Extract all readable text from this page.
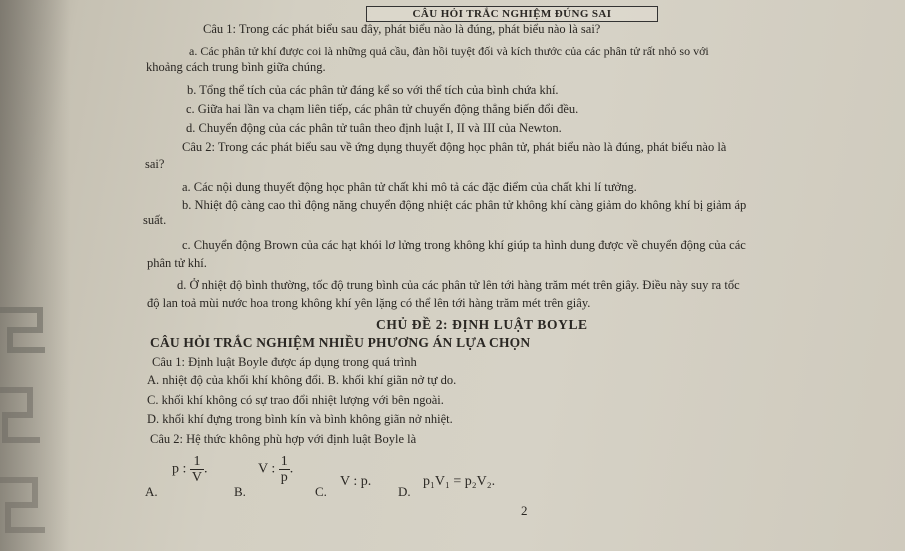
CÂU HỎI TRẮC NGHIỆM ĐÚNG SAI
Câu 1: Trong các phát biểu sau đây, phát biểu nào là đúng, phát biểu nào là sai?
a. Các phân tử khí được coi là những quả cầu, đàn hồi tuyệt đối và kích thước của các phân tử rất nhỏ so với
khoảng cách trung bình giữa chúng.
b. Tổng thể tích của các phân tử đáng kể so với thể tích của bình chứa khí.
c. Giữa hai lần va chạm liên tiếp, các phân tử chuyển động thẳng biến đổi đều.
d. Chuyển động của các phân tử tuân theo định luật I, II và III của Newton.
Câu 2: Trong các phát biểu sau về ứng dụng thuyết động học phân tử, phát biểu nào là đúng, phát biểu nào là
sai?
a. Các nội dung thuyết động học phân tử chất khi mô tả các đặc điểm của chất khi lí tưởng.
b. Nhiệt độ càng cao thì động năng chuyển động nhiệt các phân tử không khí càng giảm do không khí bị giảm áp
suất.
c. Chuyển động Brown của các hạt khói lơ lửng trong không khí giúp ta hình dung được về chuyển động của các
phân tử khí.
d. Ở nhiệt độ bình thường, tốc độ trung bình của các phân tử lên tới hàng trăm mét trên giây. Điều này suy ra tốc
độ lan toả mùi nước hoa trong không khí yên lặng có thể lên tới hàng trăm mét trên giây.
CHỦ ĐỀ 2: ĐỊNH LUẬT BOYLE
CÂU HỎI TRẮC NGHIỆM NHIỀU PHƯƠNG ÁN LỰA CHỌN
Câu 1: Định luật Boyle được áp dụng trong quá trình
A. nhiệt độ của khối khí không đổi. B. khối khí giãn nở tự do.
C. khối khí không có sự trao đổi nhiệt lượng với bên ngoài.
D. khối khí đựng trong bình kín và bình không giãn nở nhiệt.
Câu 2: Hệ thức không phù hợp với định luật Boyle là
A.
p : $\frac{1}{V}$ .
B.
V : $\frac{1}{p}$ .
C.
V : p.
D.
p₁V₁ = p₂V₂.
2
